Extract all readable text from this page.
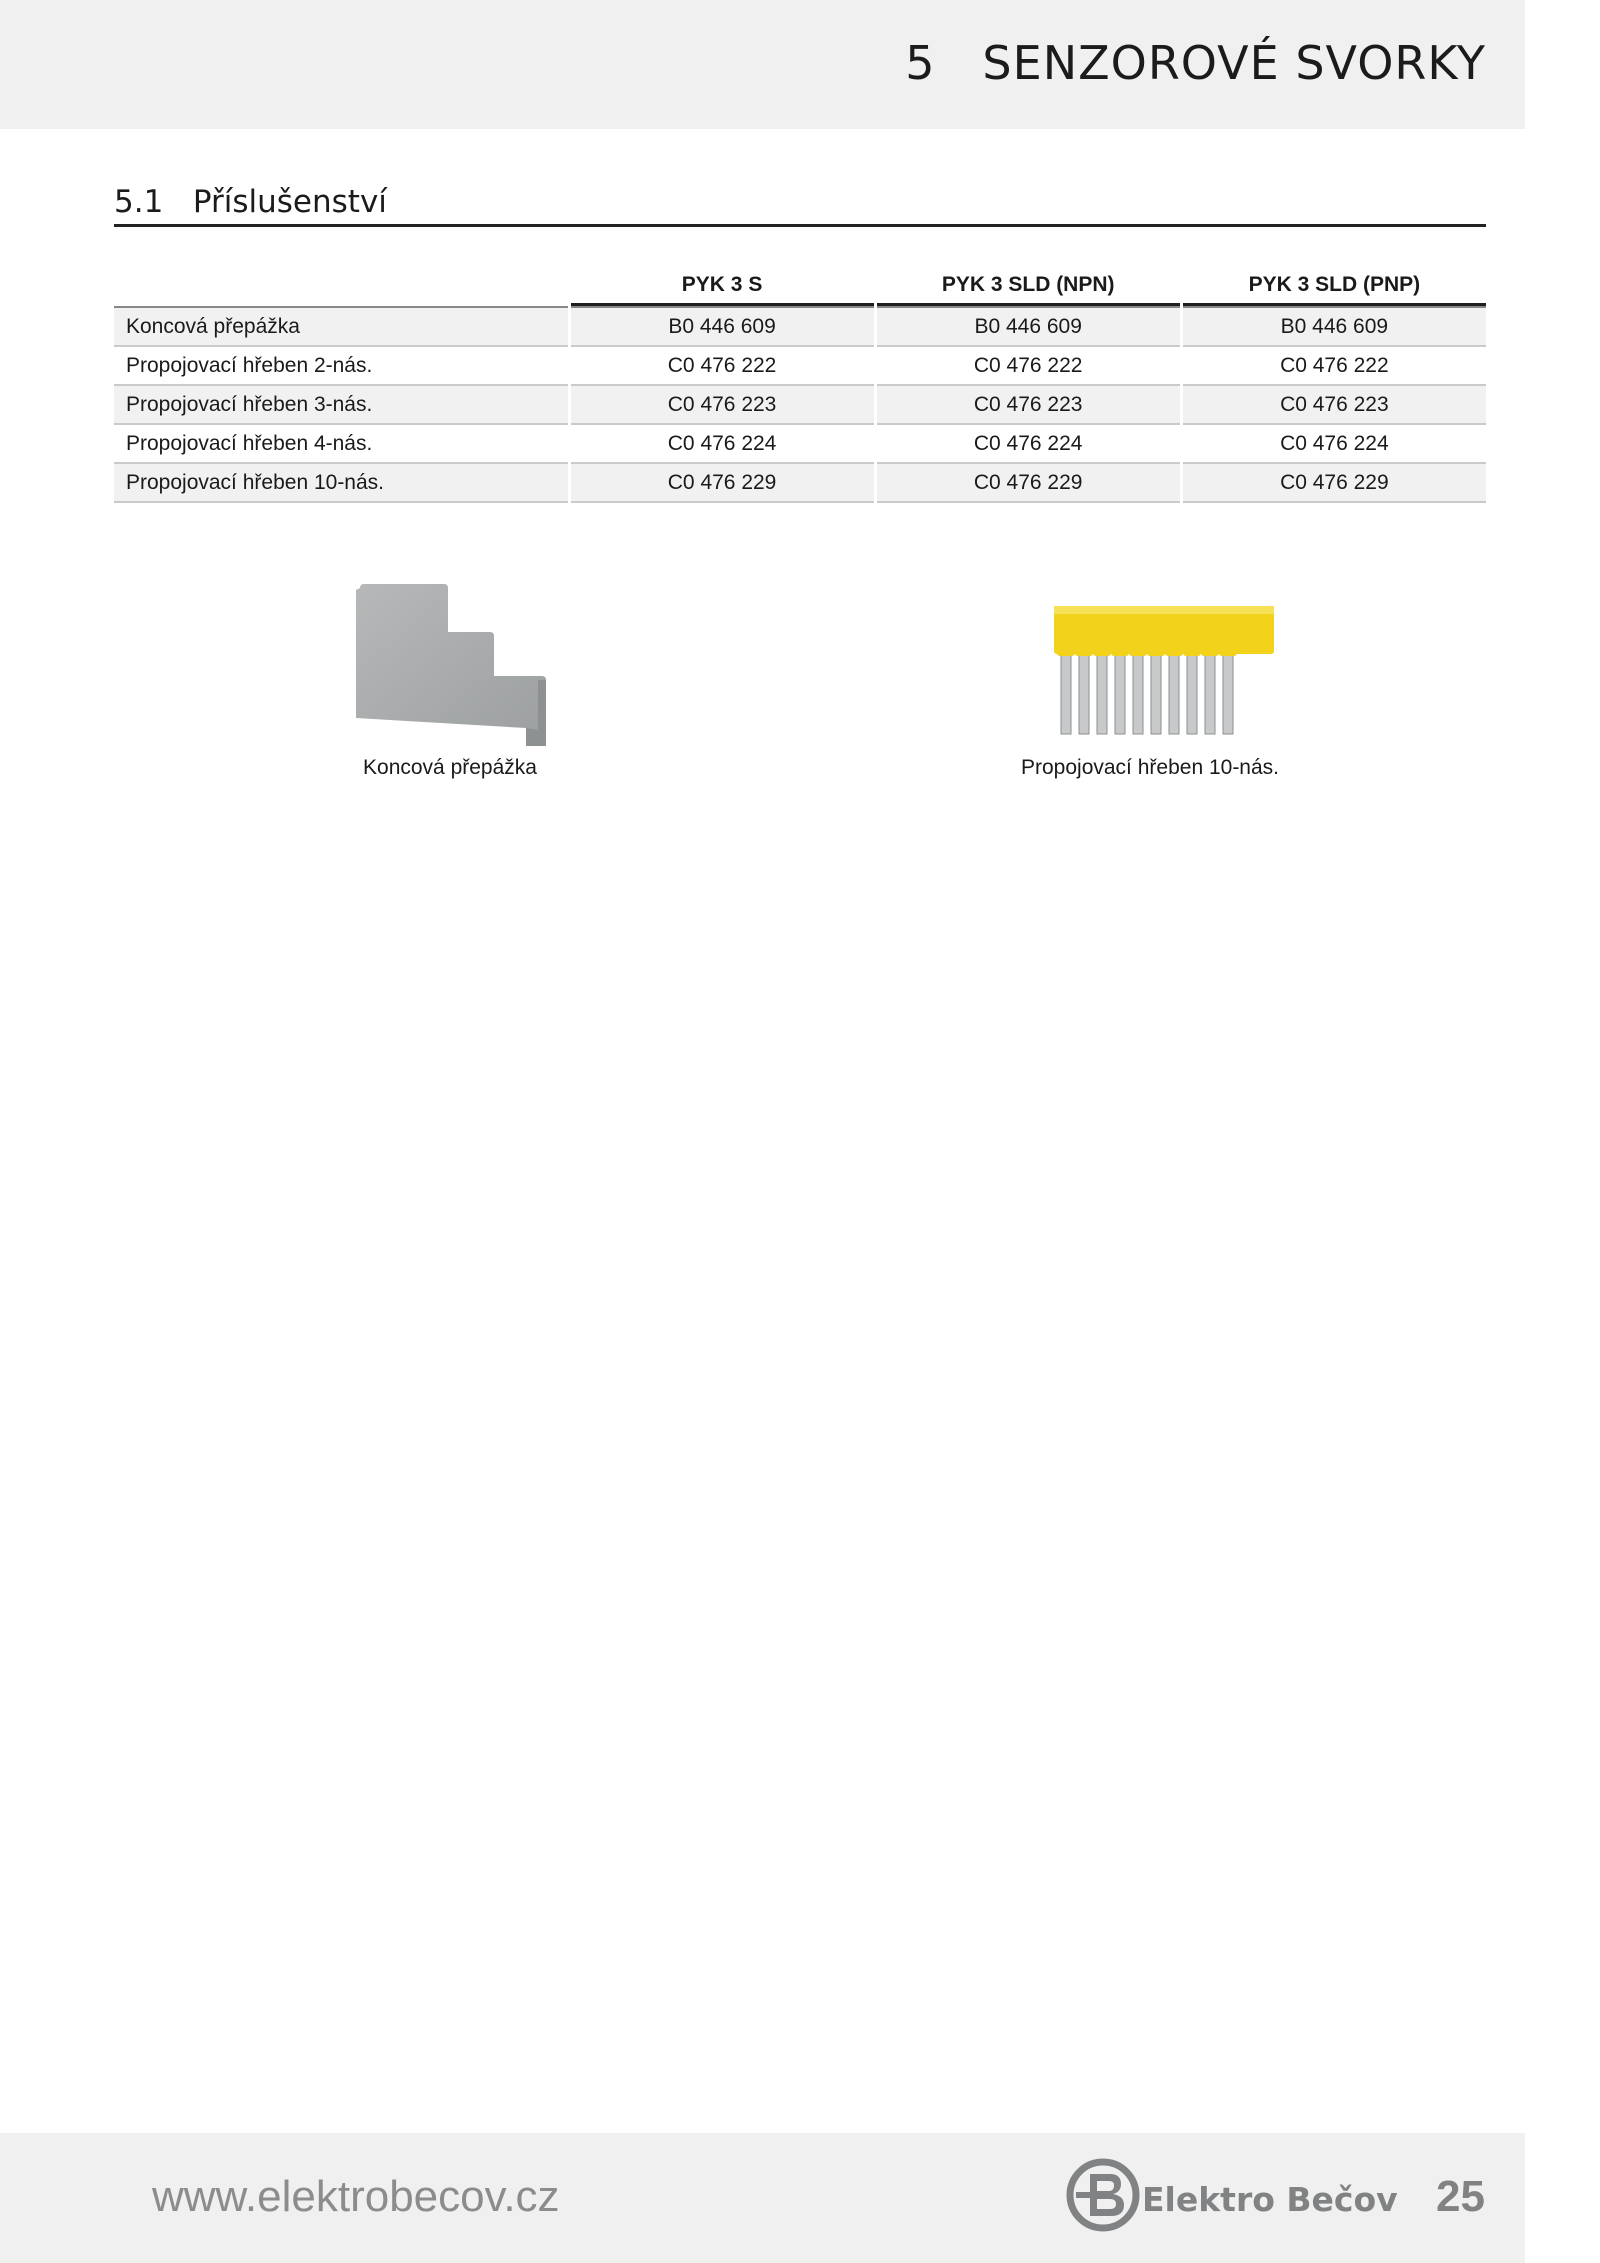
5   SENZOROVÉ SVORKY
5.1   Příslušenství
		PYK 3 S		PYK 3 SLD (NPN)		PYK 3 SLD (PNP)
Koncová přepážka		B0 446 609		B0 446 609		B0 446 609
Propojovací hřeben 2-nás.		C0 476 222		C0 476 222		C0 476 222
Propojovací hřeben 3-nás.		C0 476 223		C0 476 223		C0 476 223
Propojovací hřeben 4-nás.		C0 476 224		C0 476 224		C0 476 224
Propojovací hřeben 10-nás.		C0 476 229		C0 476 229		C0 476 229
Koncová přepážka	Propojovací hřeben 10-nás.
www.elektrobecov.cz	Elektro Bečov 25
